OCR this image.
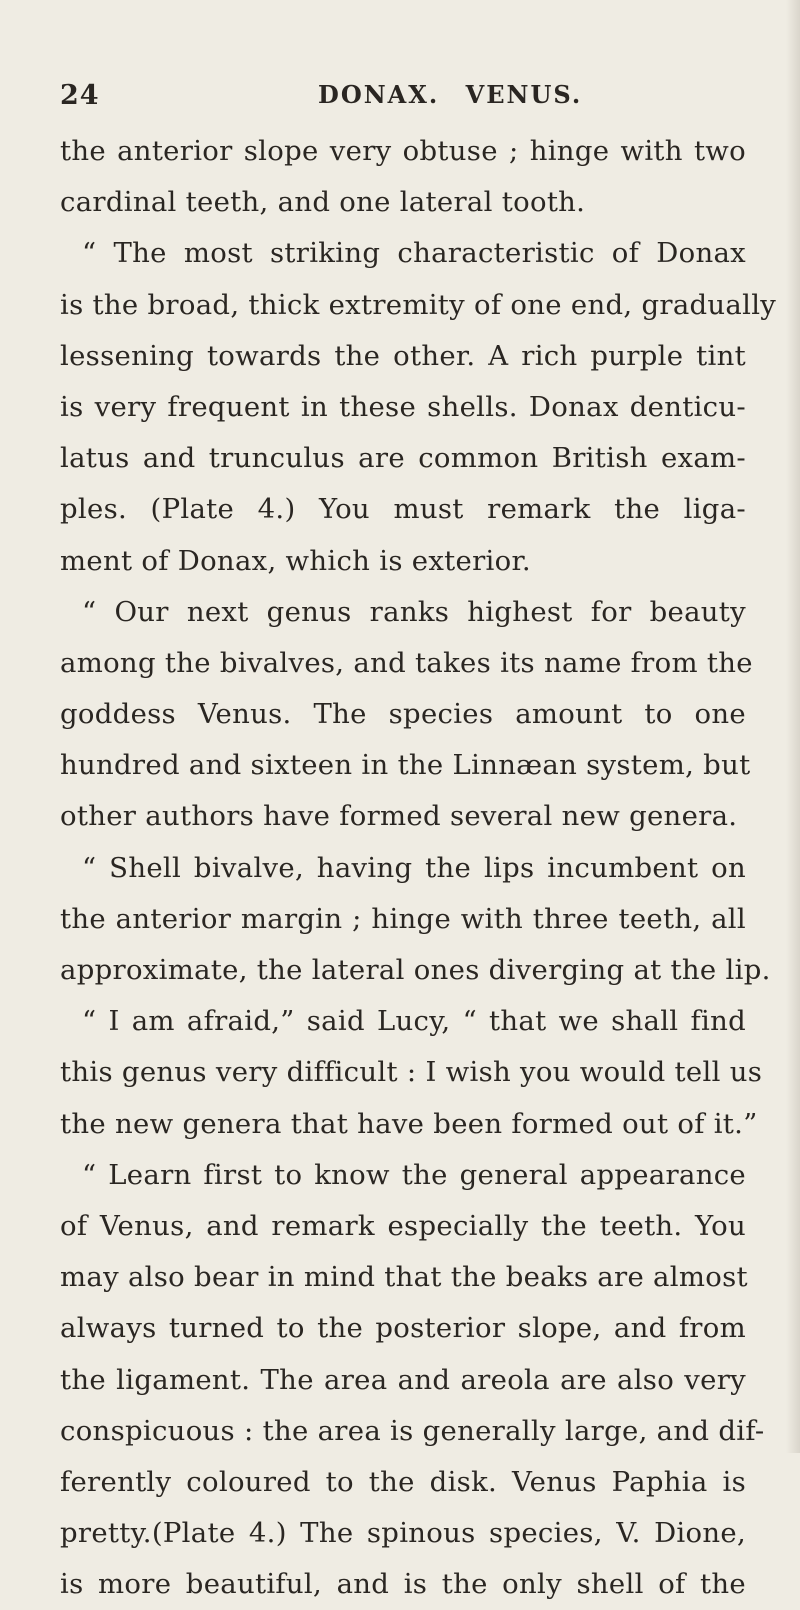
24	DONAX. VENUS.
the anterior slope very obtuse ; hinge with two
cardinal teeth, and one lateral tooth.
“ The most striking characteristic of Donax
is the broad, thick extremity of one end, gradually
lessening towards the other. A rich purple tint
is very frequent in these shells. Donax denticu-
latus and trunculus are common British exam-
ples. (Plate 4.) You must remark the liga-
ment of Donax, which is exterior.
“ Our next genus ranks highest for beauty
among the bivalves, and takes its name from the
goddess Venus. The species amount to one
hundred and sixteen in the Linnæan system, but
other authors have formed several new genera.
“ Shell bivalve, having the lips incumbent on
the anterior margin ; hinge with three teeth, all
approximate, the lateral ones diverging at the lip.
“ I am afraid,” said Lucy, “ that we shall find
this genus very difficult : I wish you would tell us
the new genera that have been formed out of it.”
“ Learn first to know the general appearance
of Venus, and remark especially the teeth. You
may also bear in mind that the beaks are almost
always turned to the posterior slope, and from
the ligament. The area and areola are also very
conspicuous : the area is generally large, and dif-
ferently coloured to the disk. Venus Paphia is
pretty.(Plate 4.) The spinous species, V. Dione,
is more beautiful, and is the only shell of the
